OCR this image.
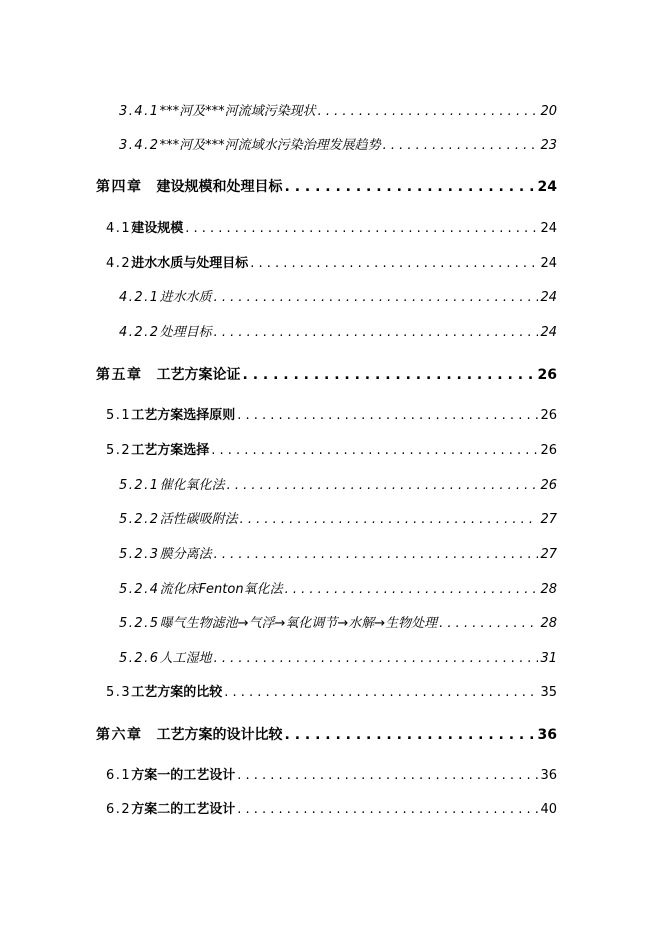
3.4.1***河及***河流域污染现状 . . .	20
3.4.2***河及***河流域水污染治理发展趋势 . . .	23
第四章 建设规模和处理目标 . . .	24
4.1建设规模 . . .	24
4.2进水水质与处理目标 . . .	24
4.2.1进水水质 . . .	24
4.2.2处理目标 . . .	24
第五章 工艺方案论证 . . .	26
5.1工艺方案选择原则 . . .	26
5.2工艺方案选择 . . .	26
5.2.1催化氧化法 . . .	26
5.2.2活性碳吸附法 . . .	27
5.2.3膜分离法 . . .	27
5.2.4流化床Fenton氧化法 . . .	28
5.2.5曝气生物滤池→气浮→氧化调节→水解→生物处理 . . .	28
5.2.6人工湿地 . . .	31
5.3工艺方案的比较 . . .	35
第六章 工艺方案的设计比较 . . .	36
6.1方案一的工艺设计 . . .	36
6.2方案二的工艺设计 . . .	40
